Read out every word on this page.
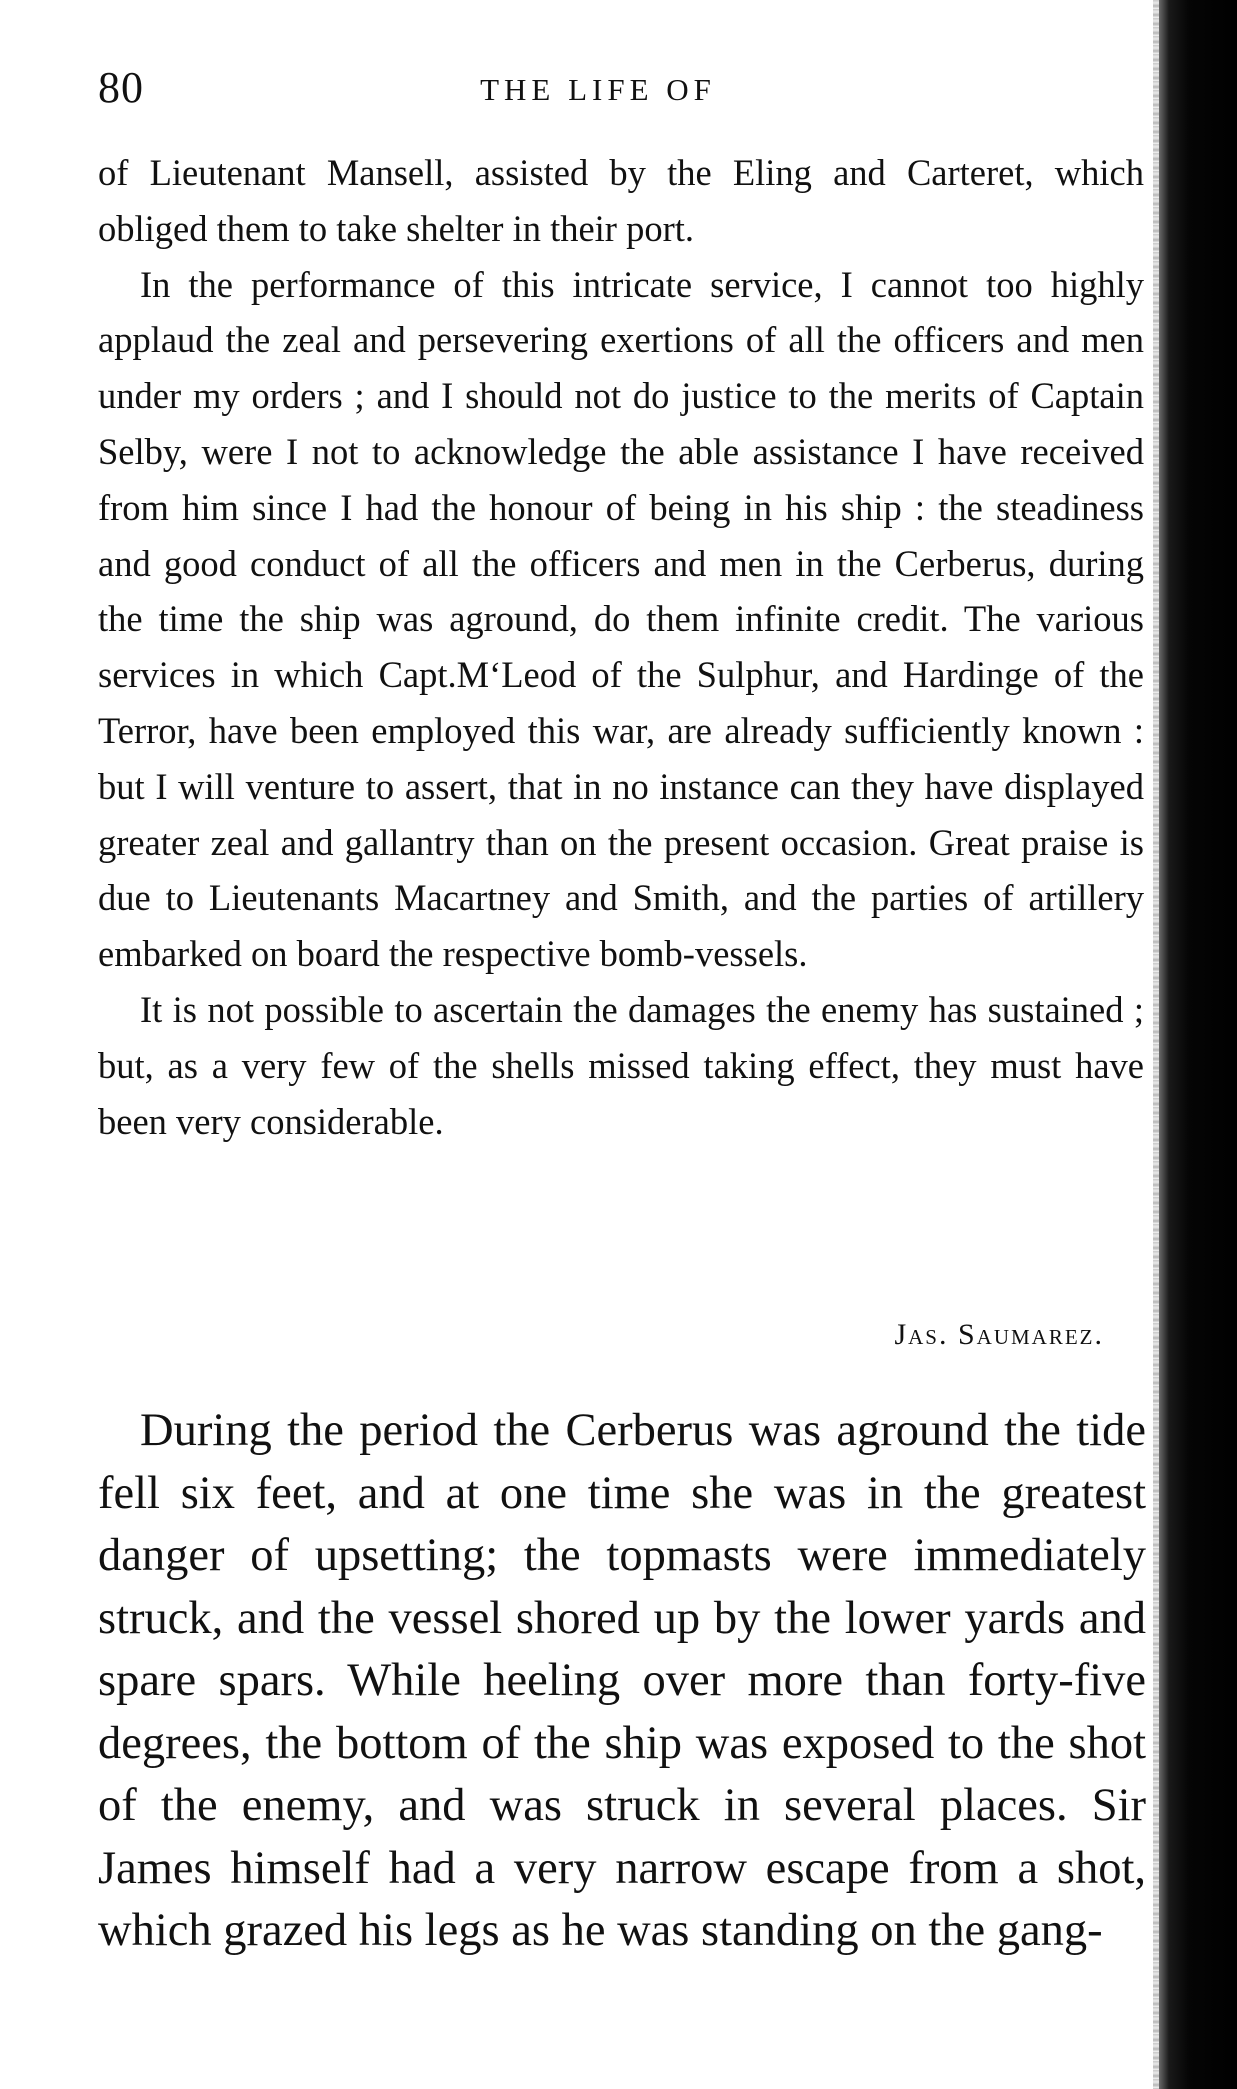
80	THE LIFE OF

of Lieutenant Mansell, assisted by the Eling and Carteret, which obliged them to take shelter in their port.

In the performance of this intricate service, I cannot too highly applaud the zeal and persevering exertions of all the officers and men under my orders ; and I should not do justice to the merits of Captain Selby, were I not to acknowledge the able assistance I have received from him since I had the honour of being in his ship : the steadiness and good conduct of all the officers and men in the Cerberus, during the time the ship was aground, do them infinite credit. The various services in which Capt.M‘Leod of the Sulphur, and Hardinge of the Terror, have been employed this war, are already sufficiently known : but I will venture to assert, that in no instance can they have displayed greater zeal and gallantry than on the present occasion. Great praise is due to Lieutenants Macartney and Smith, and the parties of artillery embarked on board the respective bomb-vessels.

It is not possible to ascertain the damages the enemy has sustained ; but, as a very few of the shells missed taking effect, they must have been very considerable.

Jas. Saumarez.

During the period the Cerberus was aground the tide fell six feet, and at one time she was in the greatest danger of upsetting; the topmasts were immediately struck, and the vessel shored up by the lower yards and spare spars. While heeling over more than forty-five degrees, the bottom of the ship was exposed to the shot of the enemy, and was struck in several places. Sir James himself had a very narrow escape from a shot, which grazed his legs as he was standing on the gang-
